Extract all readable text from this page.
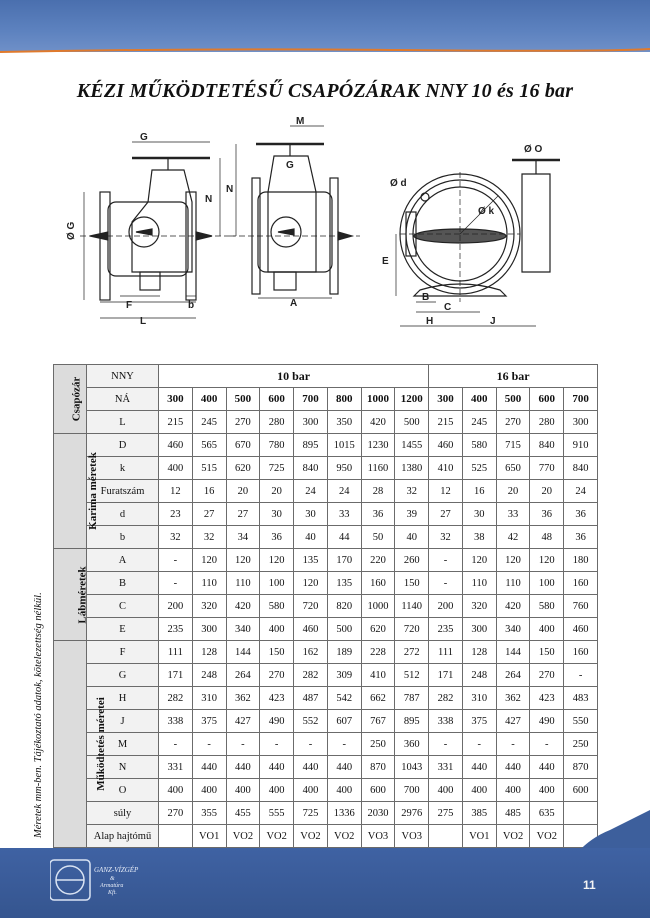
KÉZI MŰKÖDTETÉSŰ CSAPÓZÁRAK NNY 10 és 16 bar
G
N
Ø G
F	b
L
M
G
N
A
Ø O
Ø d
Ø k
E
B
C
H	J
Méretek mm-ben. Tájékoztató adatok, kötelezettség nélkül.
Csapózár	NNY	10 bar								16 bar				
	NÁ	300	400	500	600	700	800	1000	1200	300	400	500	600	700
	L	215	245	270	280	300	350	420	500	215	245	270	280	300
Karima méretek	D	460	565	670	780	895	1015	1230	1455	460	580	715	840	910
	k	400	515	620	725	840	950	1160	1380	410	525	650	770	840
	Furatszám	12	16	20	20	24	24	28	32	12	16	20	20	24
	d	23	27	27	30	30	33	36	39	27	30	33	36	36
	b	32	32	34	36	40	44	50	40	32	38	42	48	36
Lábméretek	A	-	120	120	120	135	170	220	260	-	120	120	120	180
	B	-	110	110	100	120	135	160	150	-	110	110	100	160
	C	200	320	420	580	720	820	1000	1140	200	320	420	580	760
	E	235	300	340	400	460	500	620	720	235	300	340	400	460
Működtetés méretei	F	111	128	144	150	162	189	228	272	111	128	144	150	160
	G	171	248	264	270	282	309	410	512	171	248	264	270	-
	H	282	310	362	423	487	542	662	787	282	310	362	423	483
	J	338	375	427	490	552	607	767	895	338	375	427	490	550
	M	-	-	-	-	-	-	250	360	-	-	-	-	250
	N	331	440	440	440	440	440	870	1043	331	440	440	440	870
	O	400	400	400	400	400	400	600	700	400	400	400	400	600
	súly	270	355	455	555	725	1336	2030	2976	275	385	485	635	
	Alap hajtómű		VO1	VO2	VO2	VO2	VO2	VO3	VO3		VO1	VO2	VO2	
GANZ-VÍZGÉP
&
Armatúra
Kft.
11
